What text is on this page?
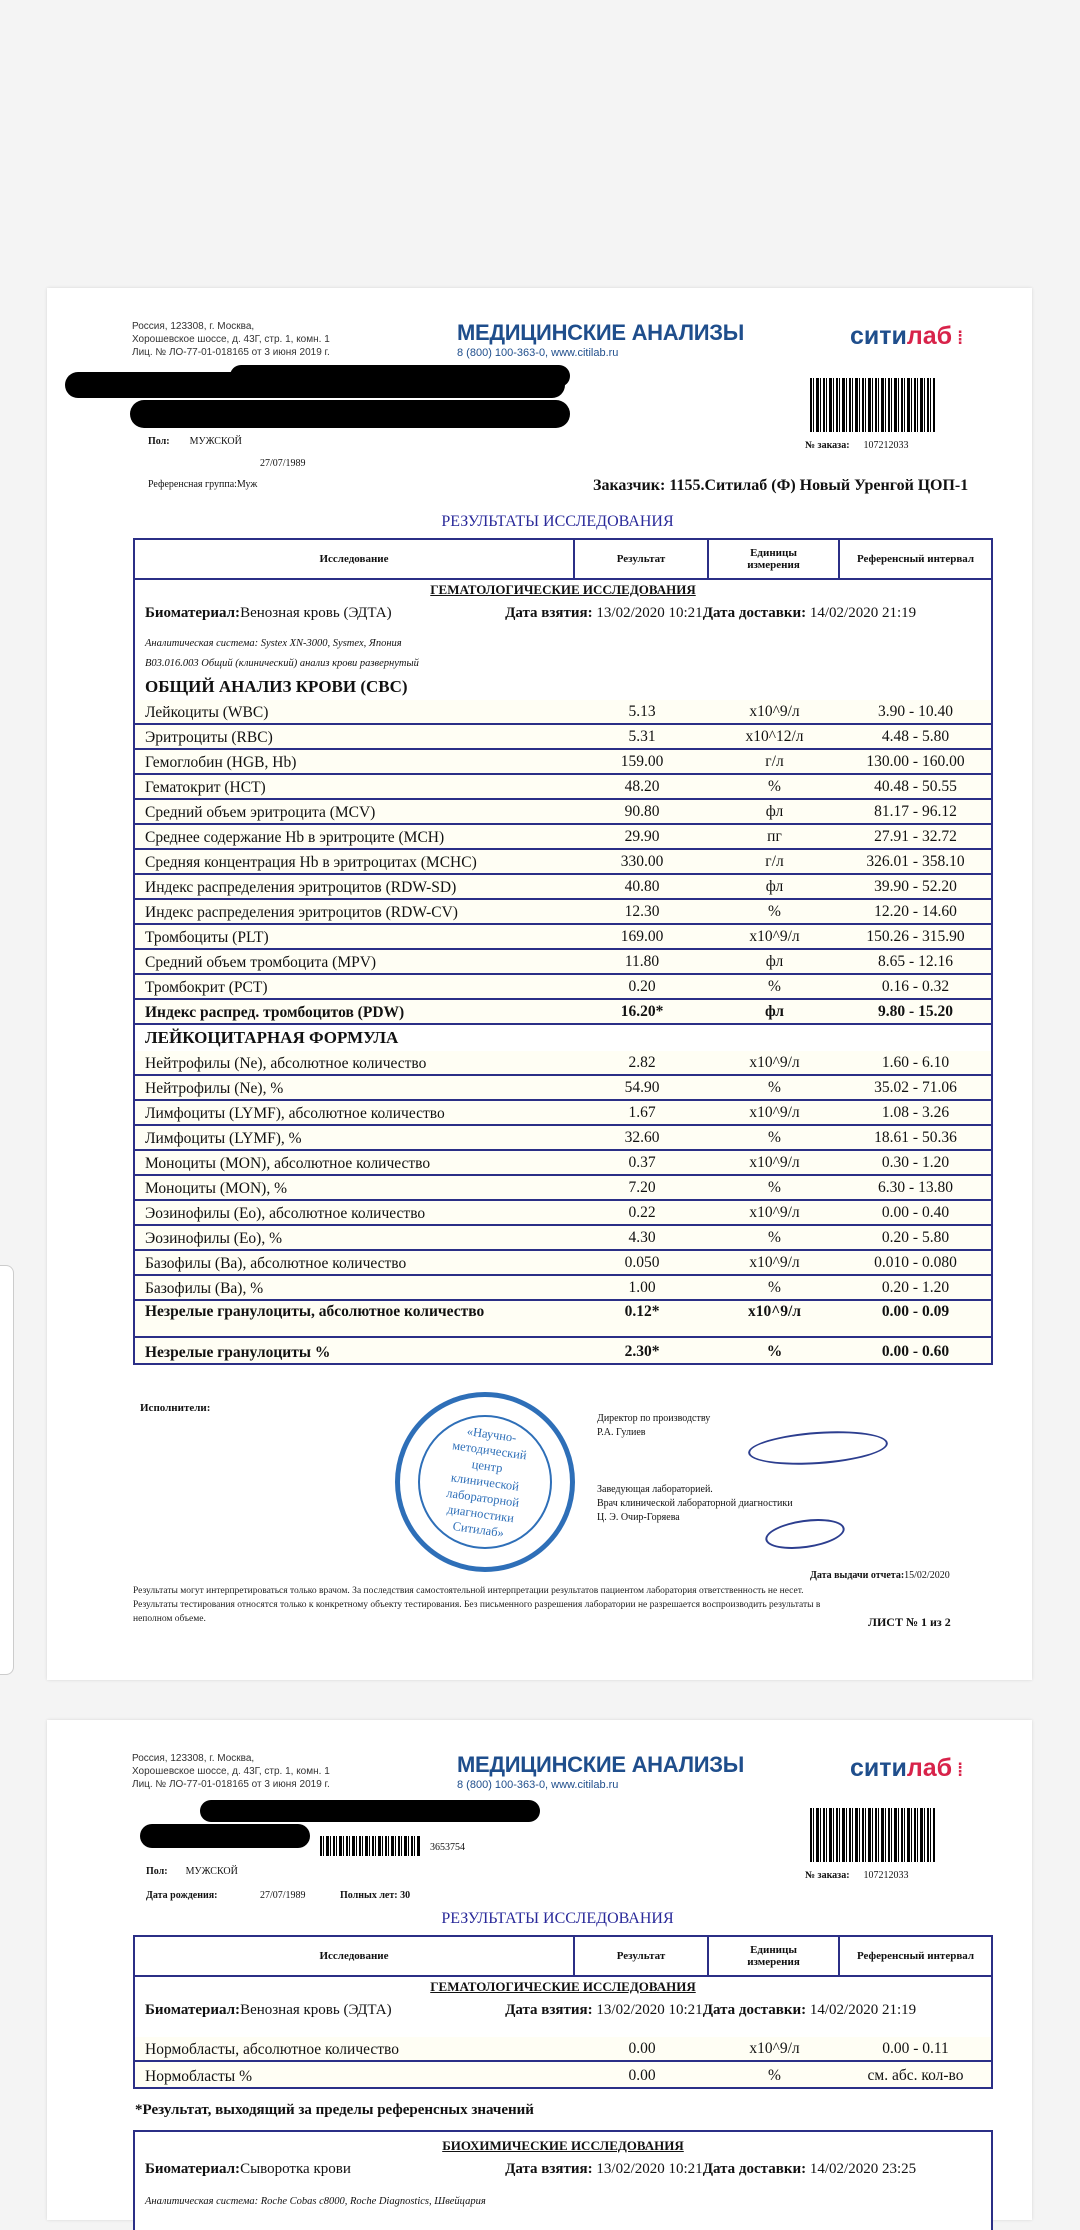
Россия, 123308, г. Москва,
Хорошевское шоссе, д. 43Г, стр. 1, комн. 1
Лиц. № ЛО-77-01-018165 от 3 июня 2019 г.
МЕДИЦИНСКИЕ АНАЛИЗЫ
8 (800) 100-363-0, www.citilab.ru
ситилаб ⁞
№ заказа: 107212033
Пол: МУЖСКОЙ
27/07/1989
Референсная группа:Муж	Заказчик: 1155.Ситилаб (Ф) Новый Уренгой ЦОП-1
РЕЗУЛЬТАТЫ ИССЛЕДОВАНИЯ
Исследование	Результат	Единицы измерения	Референсный интервал
ГЕМАТОЛОГИЧЕСКИЕ ИССЛЕДОВАНИЯ
Биоматериал: Венозная кровь (ЭДТА)	Дата взятия:
13/02/2020 10:21 Дата доставки:
14/02/2020 21:19
Аналитическая система: Systex XN-3000, Sysmex, Япония
B03.016.003 Общий (клинический) анализ крови развернутый
ОБЩИЙ АНАЛИЗ КРОВИ (CBC)
Лейкоциты (WBC)	5.13	x10^9/л	3.90 - 10.40
Эритроциты (RBC)	5.31	x10^12/л	4.48 - 5.80
Гемоглобин (HGB, Hb)	159.00	г/л	130.00 - 160.00
Гематокрит (HCT)	48.20	%	40.48 - 50.55
Средний объем эритроцита (MCV)	90.80	фл	81.17 - 96.12
Среднее содержание Hb в эритроците (MCH)	29.90	пг	27.91 - 32.72
Средняя концентрация Hb в эритроцитах (MCHC)	330.00	г/л	326.01 - 358.10
Индекс распределения эритроцитов (RDW-SD)	40.80	фл	39.90 - 52.20
Индекс распределения эритроцитов (RDW-CV)	12.30	%	12.20 - 14.60
Тромбоциты (PLT)	169.00	x10^9/л	150.26 - 315.90
Средний объем тромбоцита (MPV)	11.80	фл	8.65 - 12.16
Тромбокрит (PCT)	0.20	%	0.16 - 0.32
Индекс распред. тромбоцитов (PDW)	16.20*	фл	9.80 - 15.20
ЛЕЙКОЦИТАРНАЯ ФОРМУЛА
Нейтрофилы (Ne), абсолютное количество	2.82	x10^9/л	1.60 - 6.10
Нейтрофилы (Ne), %	54.90	%	35.02 - 71.06
Лимфоциты (LYMF), абсолютное количество	1.67	x10^9/л	1.08 - 3.26
Лимфоциты (LYMF), %	32.60	%	18.61 - 50.36
Моноциты (MON), абсолютное количество	0.37	x10^9/л	0.30 - 1.20
Моноциты (MON), %	7.20	%	6.30 - 13.80
Эозинофилы (Eo), абсолютное количество	0.22	x10^9/л	0.00 - 0.40
Эозинофилы (Eo), %	4.30	%	0.20 - 5.80
Базофилы (Ba), абсолютное количество	0.050	x10^9/л	0.010 - 0.080
Базофилы (Ba), %	1.00	%	0.20 - 1.20
Незрелые гранулоциты, абсолютное количество	0.12*	x10^9/л	0.00 - 0.09
Незрелые гранулоциты %	2.30*	%	0.00 - 0.60
Исполнители:
«Научно-методический центр клинической лабораторной диагностики Ситилаб»
Директор по производству
Р.А. Гулиев
Заведующая лабораторией.
Врач клинической лабораторной диагностики
Ц. Э. Очир-Горяева
Дата выдачи отчета:15/02/2020
Результаты могут интерпретироваться только врачом. За последствия самостоятельной интерпретации результатов пациентом лаборатория ответственность не несет.
Результаты тестирования относятся только к конкретному объекту тестирования. Без письменного разрешения лаборатории не разрешается воспроизводить результаты в неполном объеме.	ЛИСТ № 1 из 2
Россия, 123308, г. Москва,
Хорошевское шоссе, д. 43Г, стр. 1, комн. 1
Лиц. № ЛО-77-01-018165 от 3 июня 2019 г.
МЕДИЦИНСКИЕ АНАЛИЗЫ
8 (800) 100-363-0, www.citilab.ru
ситилаб ⁞
№ заказа: 107212033
3653754
Пол: МУЖСКОЙ
Дата рождения:	27/07/1989	Полных лет: 30
РЕЗУЛЬТАТЫ ИССЛЕДОВАНИЯ
Исследование	Результат	Единицы измерения	Референсный интервал
ГЕМАТОЛОГИЧЕСКИЕ ИССЛЕДОВАНИЯ
Биоматериал: Венозная кровь (ЭДТА)	Дата взятия:
13/02/2020 10:21 Дата доставки:
14/02/2020 21:19
Нормобласты, абсолютное количество	0.00	x10^9/л	0.00 - 0.11
Нормобласты %	0.00	%	см. абс. кол-во
*Результат, выходящий за пределы референсных значений
БИОХИМИЧЕСКИЕ ИССЛЕДОВАНИЯ
Биоматериал: Сыворотка крови	Дата взятия:
13/02/2020 10:21 Дата доставки:
14/02/2020 23:25
Аналитическая система: Roche Cobas c8000, Roche Diagnostics, Швейцария
